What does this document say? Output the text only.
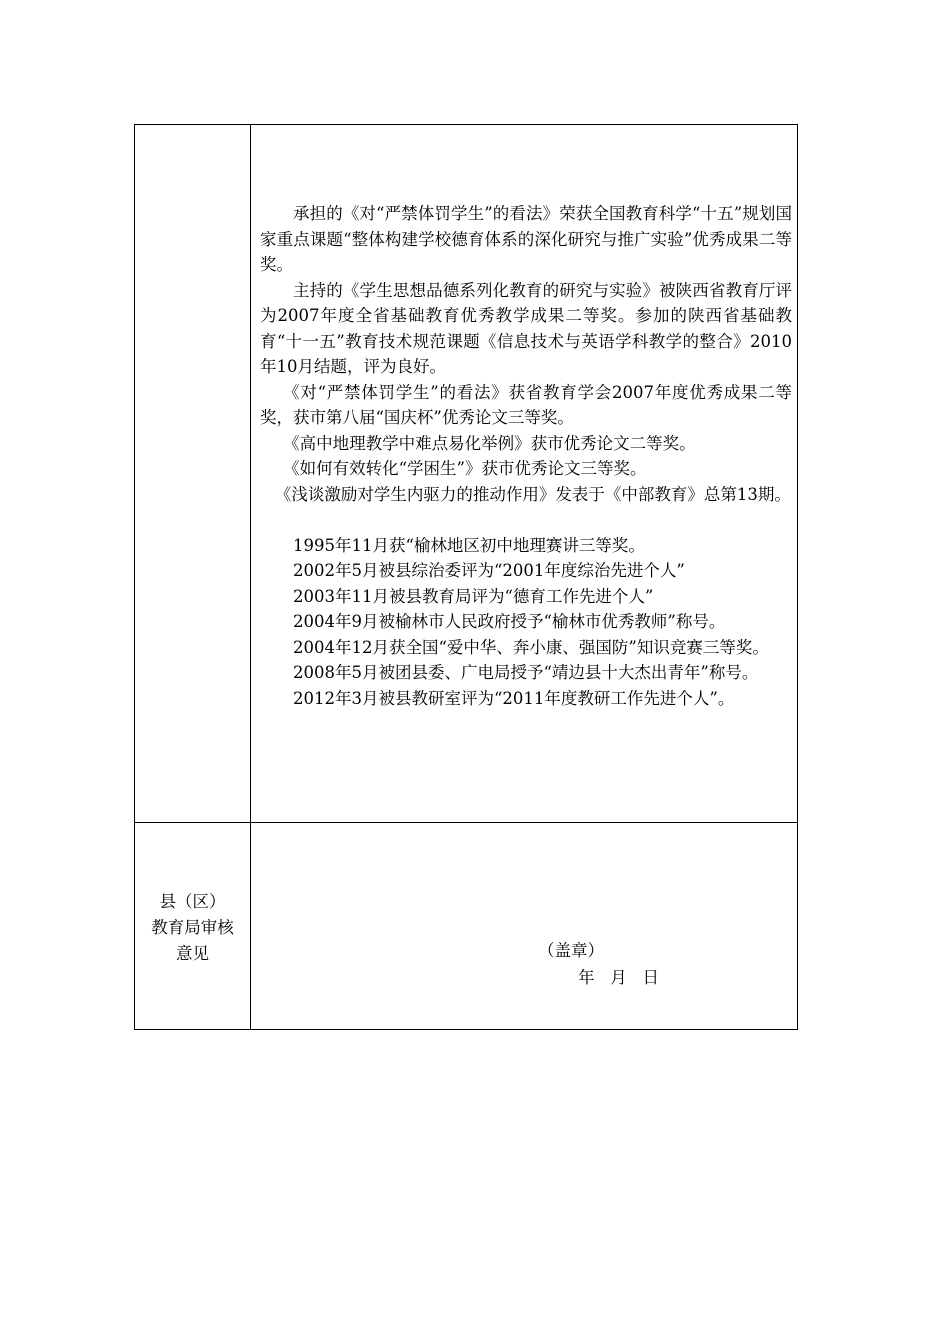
承担的《对“严禁体罚学生”的看法》荣获全国教育科学“十五”规划国家重点课题“整体构建学校德育体系的深化研究与推广实验”优秀成果二等奖。

主持的《学生思想品德系列化教育的研究与实验》被陕西省教育厅评为2007年度全省基础教育优秀教学成果二等奖。参加的陕西省基础教育“十一五”教育技术规范课题《信息技术与英语学科教学的整合》2010年10月结题，评为良好。

《对“严禁体罚学生”的看法》获省教育学会2007年度优秀成果二等奖，获市第八届“国庆杯”优秀论文三等奖。

《高中地理教学中难点易化举例》获市优秀论文二等奖。

《如何有效转化“学困生”》获市优秀论文三等奖。

《浅谈激励对学生内驱力的推动作用》发表于《中部教育》总第13期。

1995年11月获“榆林地区初中地理赛讲三等奖。

2002年5月被县综治委评为“2001年度综治先进个人”

2003年11月被县教育局评为“德育工作先进个人”

2004年9月被榆林市人民政府授予“榆林市优秀教师”称号。

2004年12月获全国“爱中华、奔小康、强国防”知识竞赛三等奖。

2008年5月被团县委、广电局授予“靖边县十大杰出青年”称号。

2012年3月被县教研室评为“2011年度教研工作先进个人”。

县（区）
教育局审核
意见	（盖章）
年   月   日
